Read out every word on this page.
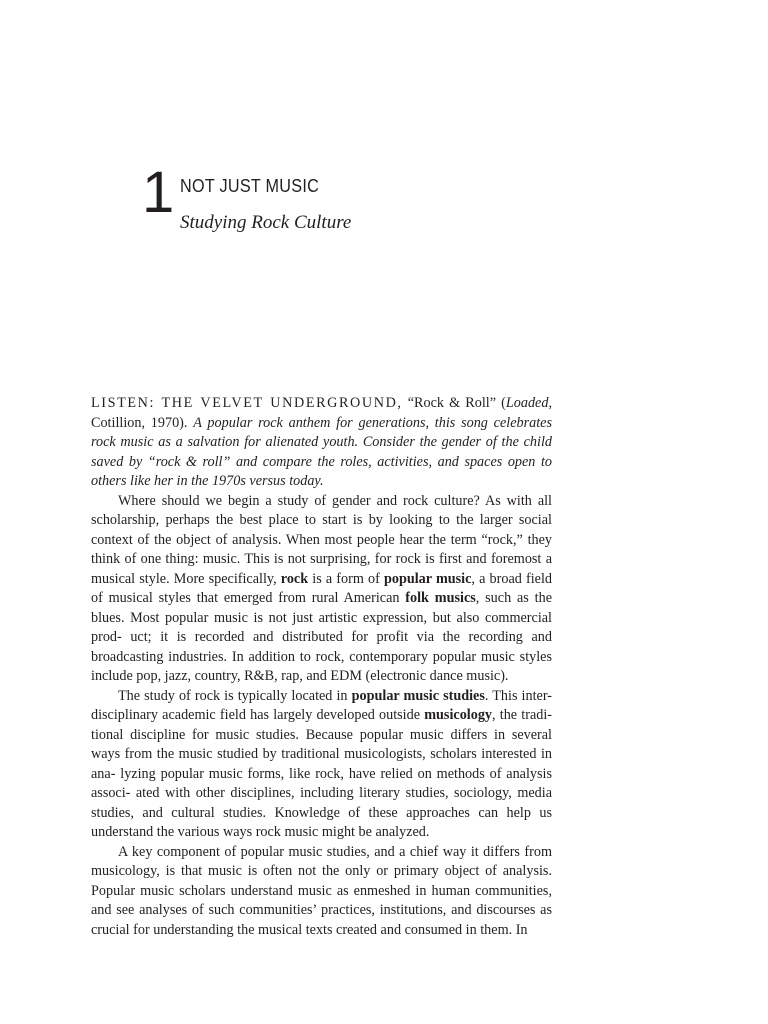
1 NOT JUST MUSIC
Studying Rock Culture

LISTEN: THE VELVET UNDERGROUND, “Rock & Roll” (Loaded, Cotillion, 1970). A popular rock anthem for generations, this song celebrates rock music as a salvation for alienated youth. Consider the gender of the child saved by “rock & roll” and compare the roles, activities, and spaces open to others like her in the 1970s versus today.

Where should we begin a study of gender and rock culture? As with all scholarship, perhaps the best place to start is by looking to the larger social context of the object of analysis. When most people hear the term “rock,” they think of one thing: music. This is not surprising, for rock is first and foremost a musical style. More specifically, rock is a form of popular music, a broad field of musical styles that emerged from rural American folk musics, such as the blues. Most popular music is not just artistic expression, but also commercial prod- uct; it is recorded and distributed for profit via the recording and broadcasting industries. In addition to rock, contemporary popular music styles include pop, jazz, country, R&B, rap, and EDM (electronic dance music).

The study of rock is typically located in popular music studies. This inter- disciplinary academic field has largely developed outside musicology, the tradi- tional discipline for music studies. Because popular music differs in several ways from the music studied by traditional musicologists, scholars interested in ana- lyzing popular music forms, like rock, have relied on methods of analysis associ- ated with other disciplines, including literary studies, sociology, media studies, and cultural studies. Knowledge of these approaches can help us understand the various ways rock music might be analyzed.

A key component of popular music studies, and a chief way it differs from musicology, is that music is often not the only or primary object of analysis. Popular music scholars understand music as enmeshed in human communities, and see analyses of such communities’ practices, institutions, and discourses as crucial for understanding the musical texts created and consumed in them. In
